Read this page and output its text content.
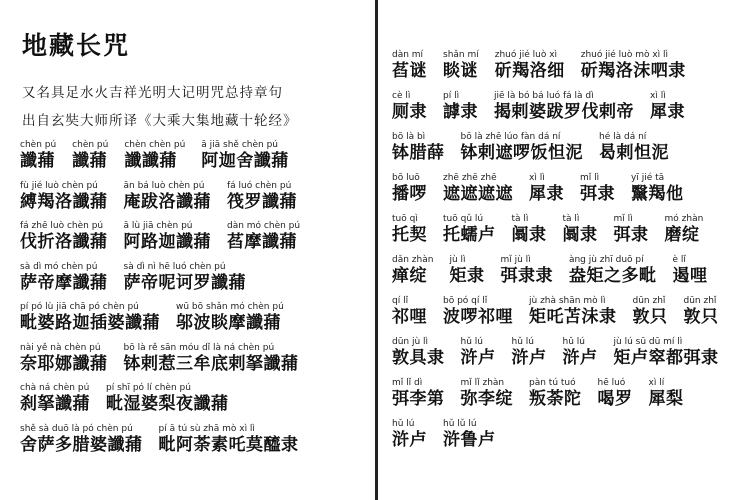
地藏长咒
又名具足水火吉祥光明大记明咒总持章句
出自玄奘大师所译《大乘大集地藏十轮经》
chèn pú
讖蒱
chèn pú
讖蒱
chèn chèn pú
讖讖蒱
ā jiā shě chèn pú
阿迦舍讖蒱
fù jié luò chèn pú
縛羯洛讖蒱
ān bá luò chèn pú
庵跋洛讖蒱
fá luó chèn pú
筏罗讖蒱
fá zhē luò chèn pú
伐折洛讖蒱
ā lù jiā chèn pú
阿路迦讖蒱
dàn mó chèn pú
萏摩讖蒱
sà dì mó chèn pú
萨帝摩讖蒱
sà dì nì hē luó chèn pú
萨帝呢诃罗讖蒱
pí pó lù jiā chā pó chèn pú
毗婆路迦插婆讖蒱
wū bō shǎn mó chèn pú
邬波睒摩讖蒱
nài yě nà chèn pú
奈耶娜讖蒱
bō là rě sān móu dǐ là ná chèn pú
钵剌惹三牟底剌拏讖蒱
chà ná chèn pú
刹拏讖蒱
pí shī pó lí chèn pú
毗湿婆梨夜讖蒱
shě sà duō là pó chèn pú
舍萨多腊婆讖蒱
pí ā tú sù zhā mò xì lì
毗阿荼素吒莫醯隶
dàn mí
萏谜
shǎn mí
睒谜
zhuó jié luò xì
斫羯洛细
zhuó jié luò mò xì lì
斫羯洛沫呬隶
cè lì
厕隶
pí lì
謼隶
jiē là bó bá luó fá là dì
揭剌婆跋罗伐剌帝
xì lì
犀隶
bō là bì
钵腊薛
bō là zhē lúo fàn dá ní
钵剌遮啰饭怛泥
hé là dá ní
曷剌怛泥
bō luō
播啰
zhē zhē zhē
遮遮遮遮
xì lì
犀隶
mǐ lì
弭隶
yī jié tā
黳羯他
tuō qì
托契
tuō qǔ lú
托蠕卢
tà lì
阘隶
tà lì
阘隶
mǐ lì
弭隶
mó zhàn
磨绽
dǎn zhàn
瘅绽
jù lì
矩隶
mǐ jù lì
弭隶隶
àng jù zhī duō pí
盎矩之多毗
è lǐ
遏哩
qí lǐ
祁哩
bō pó qí lǐ
波啰祁哩
jù zhà shān mò lì
矩吒苫沬隶
dūn zhǐ
敦只
dūn zhǐ
敦只
dūn jù lì
敦具隶
hǔ lú
浒卢
hǔ lú
浒卢
hǔ lú
浒卢
jù lú sū dū mí lì
矩卢窣都弭隶
mǐ lǐ dì
弭李第
mǐ lǐ zhàn
弥李绽
pàn tú tuó
叛荼陀
hē luó
喝罗
xì lí
犀梨
hǔ lú
浒卢
hǔ lǔ lú
浒鲁卢
